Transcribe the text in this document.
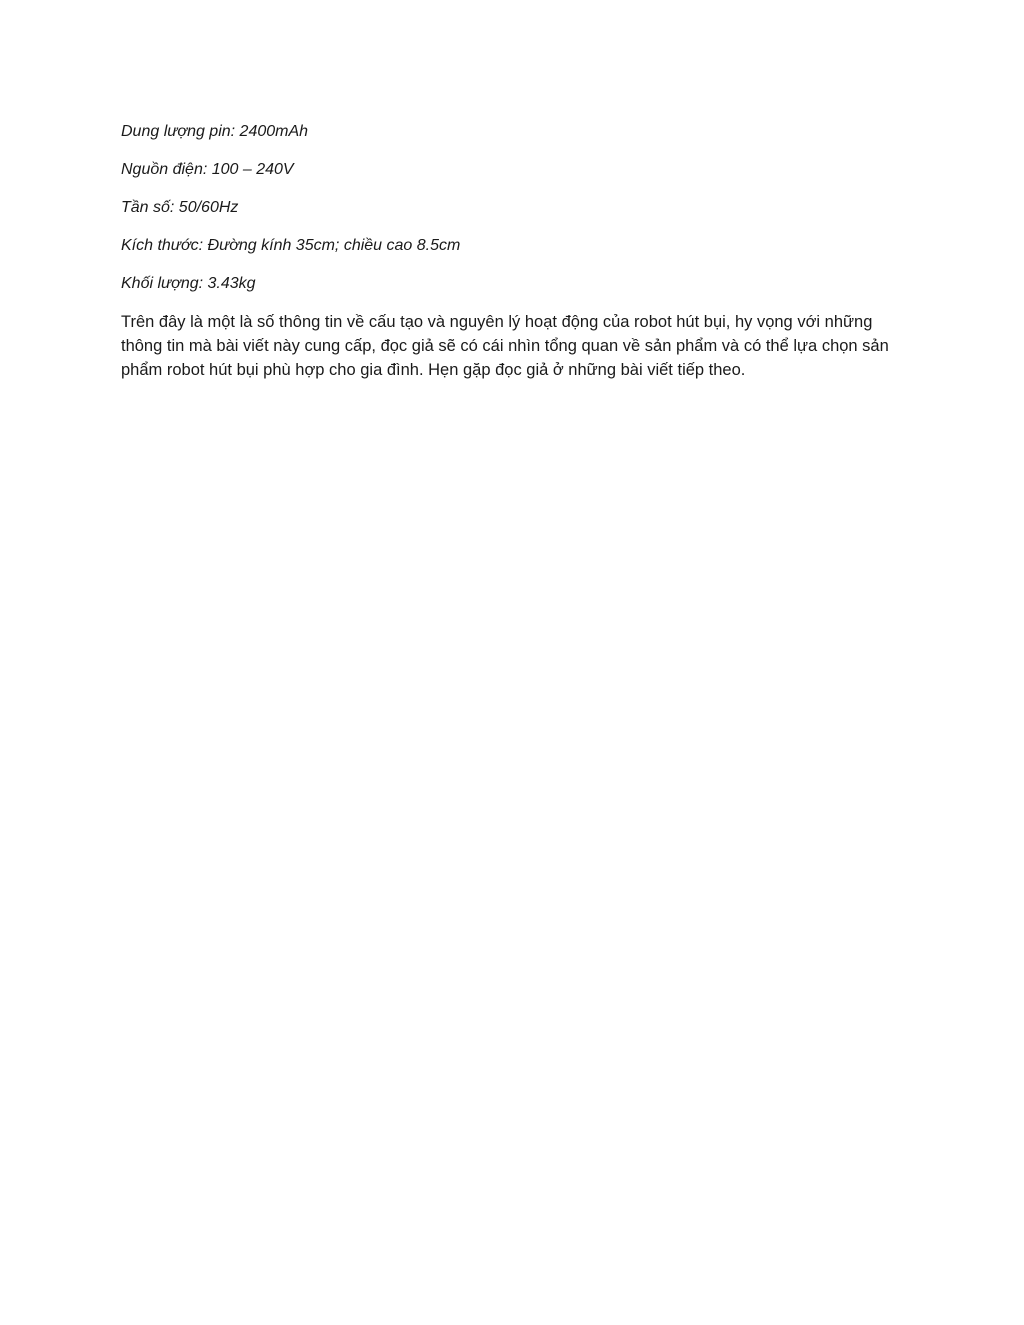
Dung lượng pin: 2400mAh

Nguồn điện: 100 – 240V

Tần số: 50/60Hz

Kích thước: Đường kính 35cm; chiều cao 8.5cm

Khối lượng: 3.43kg

Trên đây là một là số thông tin về cấu tạo và nguyên lý hoạt động của robot hút bụi, hy vọng với những thông tin mà bài viết này cung cấp, đọc giả sẽ có cái nhìn tổng quan về sản phẩm và có thể lựa chọn sản phẩm robot hút bụi phù hợp cho gia đình. Hẹn gặp đọc giả ở những bài viết tiếp theo.
